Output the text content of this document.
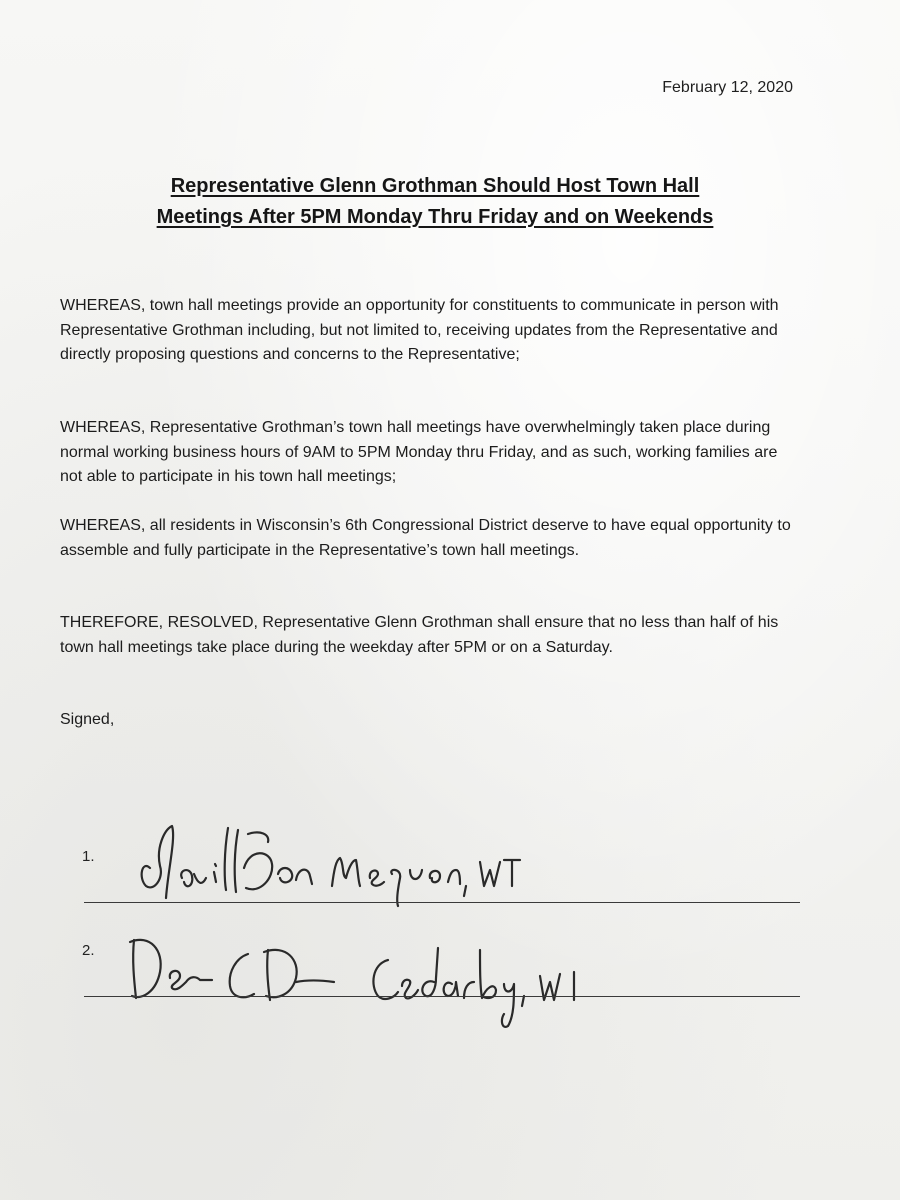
February 12, 2020
Representative Glenn Grothman Should Host Town Hall
Meetings After 5PM Monday Thru Friday and on Weekends
WHEREAS, town hall meetings provide an opportunity for constituents to communicate in person with Representative Grothman including, but not limited to, receiving updates from the Representative and directly proposing questions and concerns to the Representative;
WHEREAS, Representative Grothman’s town hall meetings have overwhelmingly taken place during normal working business hours of 9AM to 5PM Monday thru Friday, and as such, working families are not able to participate in his town hall meetings;
WHEREAS, all residents in Wisconsin’s 6th Congressional District deserve to have equal opportunity to assemble and fully participate in the Representative’s town hall meetings.
THEREFORE, RESOLVED, Representative Glenn Grothman shall ensure that no less than half of his town hall meetings take place during the weekday after 5PM or on a Saturday.
Signed,
1.
2.
